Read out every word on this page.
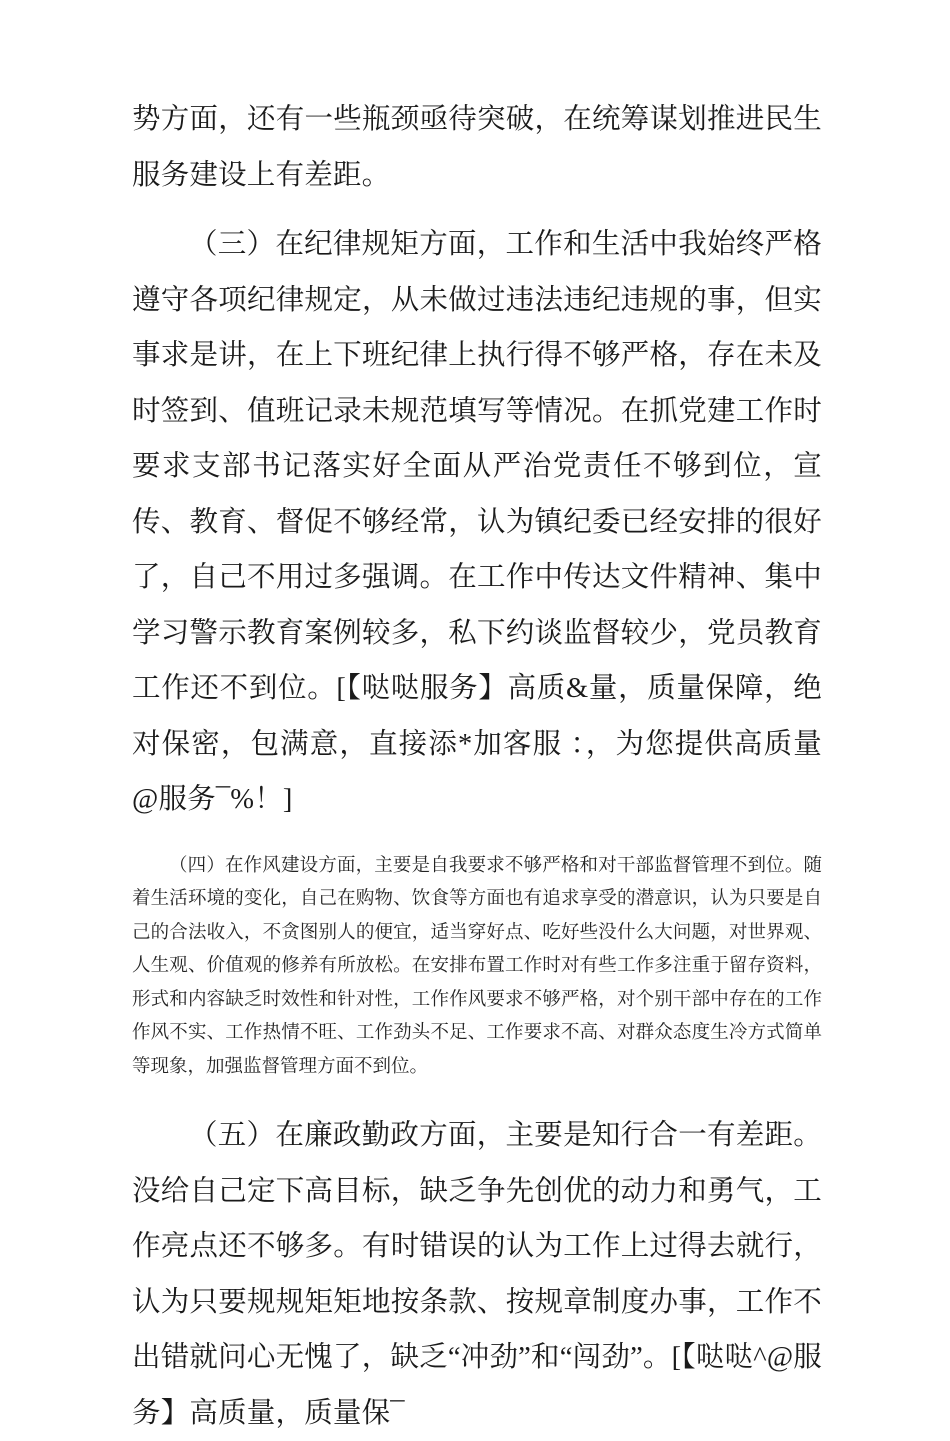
势方面，还有一些瓶颈亟待突破，在统筹谋划推进民生服务建设上有差距。

（三）在纪律规矩方面，工作和生活中我始终严格遵守各项纪律规定，从未做过违法违纪违规的事，但实事求是讲，在上下班纪律上执行得不够严格，存在未及时签到、值班记录未规范填写等情况。在抓党建工作时要求支部书记落实好全面从严治党责任不够到位，宣传、教育、督促不够经常，认为镇纪委已经安排的很好了，自己不用过多强调。在工作中传达文件精神、集中学习警示教育案例较多，私下约谈监督较少，党员教育工作还不到位。[【哒哒服务】高质&量，质量保障，绝对保密，包满意，直接添*加客服 ：，为您提供高质量@服务¯%！]

（四）在作风建设方面，主要是自我要求不够严格和对干部监督管理不到位。随着生活环境的变化，自己在购物、饮食等方面也有追求享受的潜意识，认为只要是自己的合法收入，不贪图别人的便宜，适当穿好点、吃好些没什么大问题，对世界观、人生观、价值观的修养有所放松。在安排布置工作时对有些工作多注重于留存资料，形式和内容缺乏时效性和针对性，工作作风要求不够严格，对个别干部中存在的工作作风不实、工作热情不旺、工作劲头不足、工作要求不高、对群众态度生冷方式简单等现象，加强监督管理方面不到位。

（五）在廉政勤政方面，主要是知行合一有差距。没给自己定下高目标，缺乏争先创优的动力和勇气，工作亮点还不够多。有时错误的认为工作上过得去就行，认为只要规规矩矩地按条款、按规章制度办事，工作不出错就问心无愧了，缺乏“冲劲”和“闯劲”。[【哒哒^@服务】高质量，质量保¯
